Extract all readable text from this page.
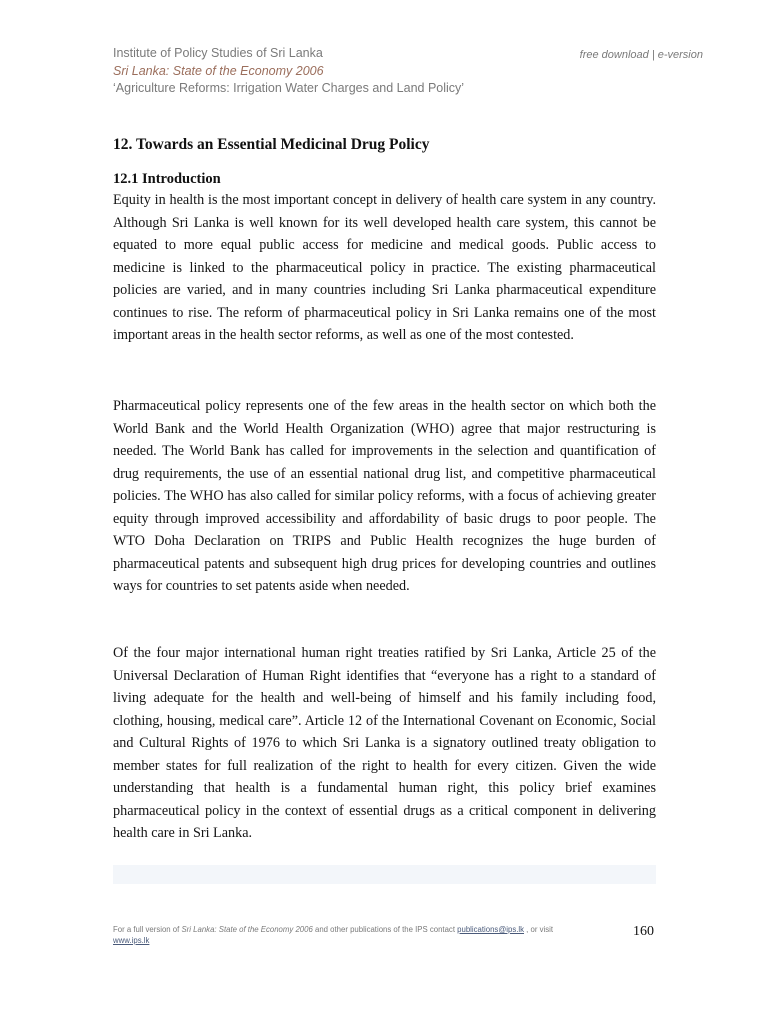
Institute of Policy Studies of Sri Lanka
Sri Lanka: State of the Economy 2006
‘Agriculture Reforms: Irrigation Water Charges and Land Policy’
free download | e-version
12. Towards an Essential Medicinal Drug Policy
12.1 Introduction
Equity in health is the most important concept in delivery of health care system in any country. Although Sri Lanka is well known for its well developed health care system, this cannot be equated to more equal public access for medicine and medical goods. Public access to medicine is linked to the pharmaceutical policy in practice. The existing pharmaceutical policies are varied, and in many countries including Sri Lanka pharmaceutical expenditure continues to rise. The reform of pharmaceutical policy in Sri Lanka remains one of the most important areas in the health sector reforms, as well as one of the most contested.
Pharmaceutical policy represents one of the few areas in the health sector on which both the World Bank and the World Health Organization (WHO) agree that major restructuring is needed. The World Bank has called for improvements in the selection and quantification of drug requirements, the use of an essential national drug list, and competitive pharmaceutical policies. The WHO has also called for similar policy reforms, with a focus of achieving greater equity through improved accessibility and affordability of basic drugs to poor people. The WTO Doha Declaration on TRIPS and Public Health recognizes the huge burden of pharmaceutical patents and subsequent high drug prices for developing countries and outlines ways for countries to set patents aside when needed.
Of the four major international human right treaties ratified by Sri Lanka, Article 25 of the Universal Declaration of Human Right identifies that “everyone has a right to a standard of living adequate for the health and well-being of himself and his family including food, clothing, housing, medical care”. Article 12 of the International Covenant on Economic, Social and Cultural Rights of 1976 to which Sri Lanka is a signatory outlined treaty obligation to member states for full realization of the right to health for every citizen. Given the wide understanding that health is a fundamental human right, this policy brief examines pharmaceutical policy in the context of essential drugs as a critical component in delivering health care in Sri Lanka.
For a full version of Sri Lanka: State of the Economy 2006 and other publications of the IPS contact publications@ips.lk , or visit
www.ips.lk
160
